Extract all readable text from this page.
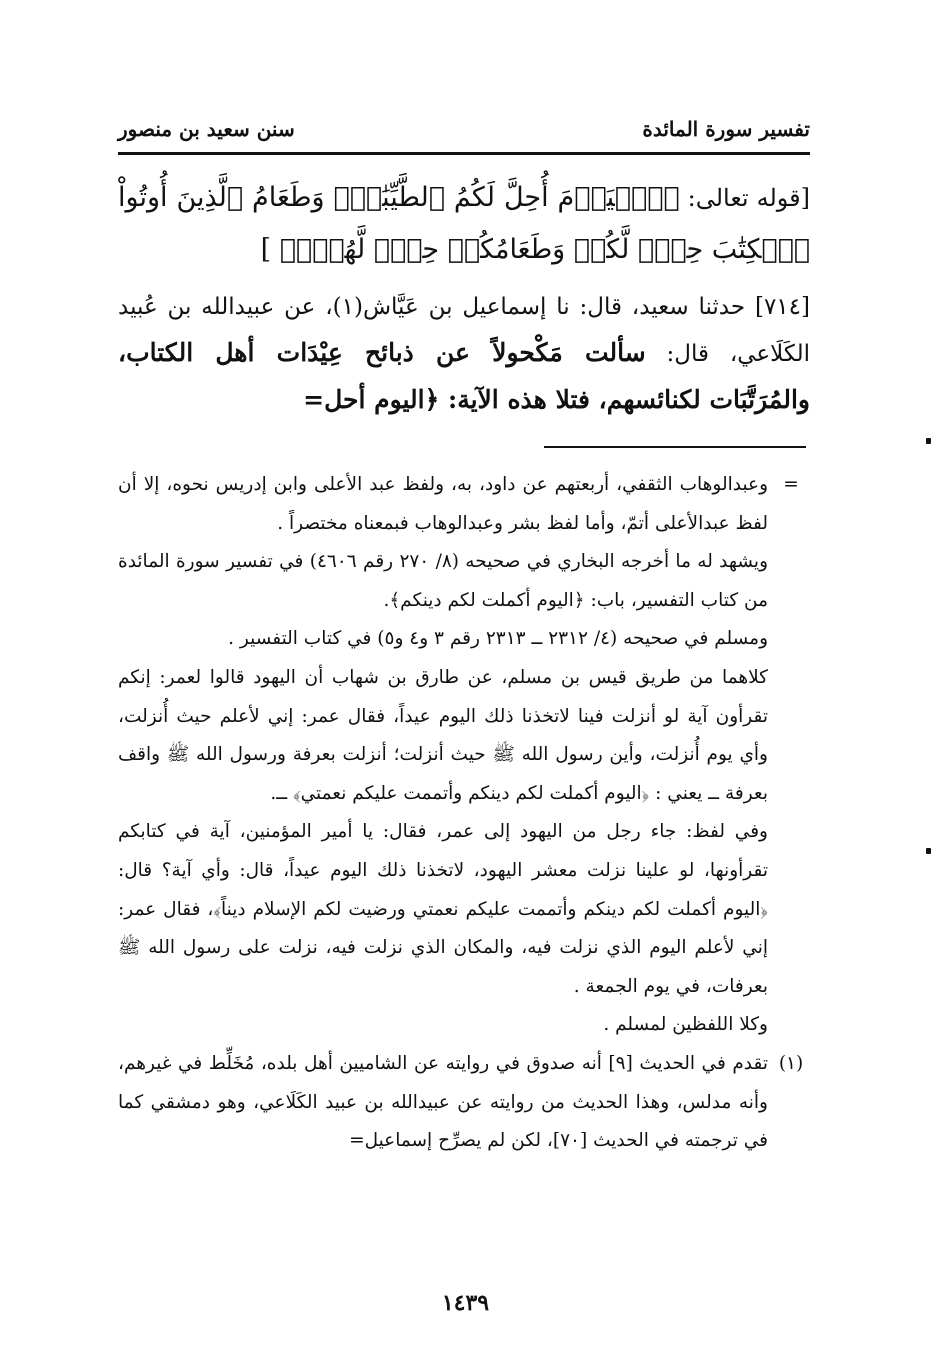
تفسير سورة المائدة
سنن سعيد بن منصور
[قوله تعالى: ﴿ٱلۡيَوۡمَ أُحِلَّ لَكُمُ ٱلطَّيِّبَٰتُۖ وَطَعَامُ ٱلَّذِينَ أُوتُواْ ٱلۡكِتَٰبَ حِلّٞ لَّكُمۡ وَطَعَامُكُمۡ حِلّٞ لَّهُمۡۖ﴾ ]
[٧١٤] حدثنا سعيد، قال: نا إسماعيل بن عَيَّاش(١)، عن عبيدالله بن عُبيد الكَلَاعي، قال: سألت مَكْحولاً عن ذبائح عِيْدَات أهل الكتاب، والمُرَتَّبَات لكنائسهم، فتلا هذه الآية: ﴿اليوم أحل=
=
وعبدالوهاب الثقفي، أربعتهم عن داود، به، ولفظ عبد الأعلى وابن إدريس نحوه، إلا أن لفظ عبدالأعلى أتمّ، وأما لفظ بشر وعبدالوهاب فبمعناه مختصراً .
ويشهد له ما أخرجه البخاري في صحيحه (٨/ ٢٧٠ رقم ٤٦٠٦) في تفسير سورة المائدة من كتاب التفسير، باب: ﴿اليوم أكملت لكم دينكم﴾.
ومسلم في صحيحه (٤/ ٢٣١٢ ــ ٢٣١٣ رقم ٣ و٤ و٥) في كتاب التفسير .
كلاهما من طريق قيس بن مسلم، عن طارق بن شهاب أن اليهود قالوا لعمر: إنكم تقرأون آية لو أنزلت فينا لاتخذنا ذلك اليوم عيداً، فقال عمر: إني لأعلم حيث أُنزلت، وأي يوم أُنزلت، وأين رسول الله ﷺ حيث أنزلت؛ أنزلت بعرفة ورسول الله ﷺ واقف بعرفة ــ يعني : ﴿اليوم أكملت لكم دينكم وأتممت عليكم نعمتي﴾ ــ.
وفي لفظ: جاء رجل من اليهود إلى عمر، فقال: يا أمير المؤمنين، آية في كتابكم تقرأونها، لو علينا نزلت معشر اليهود، لاتخذنا ذلك اليوم عيداً، قال: وأي آية؟ قال: ﴿اليوم أكملت لكم دينكم وأتممت عليكم نعمتي ورضيت لكم الإسلام ديناً﴾، فقال عمر: إني لأعلم اليوم الذي نزلت فيه، والمكان الذي نزلت فيه، نزلت على رسول الله ﷺ بعرفات، في يوم الجمعة .
وكلا اللفظين لمسلم .
(١)
تقدم في الحديث [٩] أنه صدوق في روايته عن الشاميين أهل بلده، مُخَلِّط في غيرهم، وأنه مدلس، وهذا الحديث من روايته عن عبيدالله بن عبيد الكَلَاعي، وهو دمشقي كما في ترجمته في الحديث [٧٠]، لكن لم يصرِّح إسماعيل=
١٤٣٩
